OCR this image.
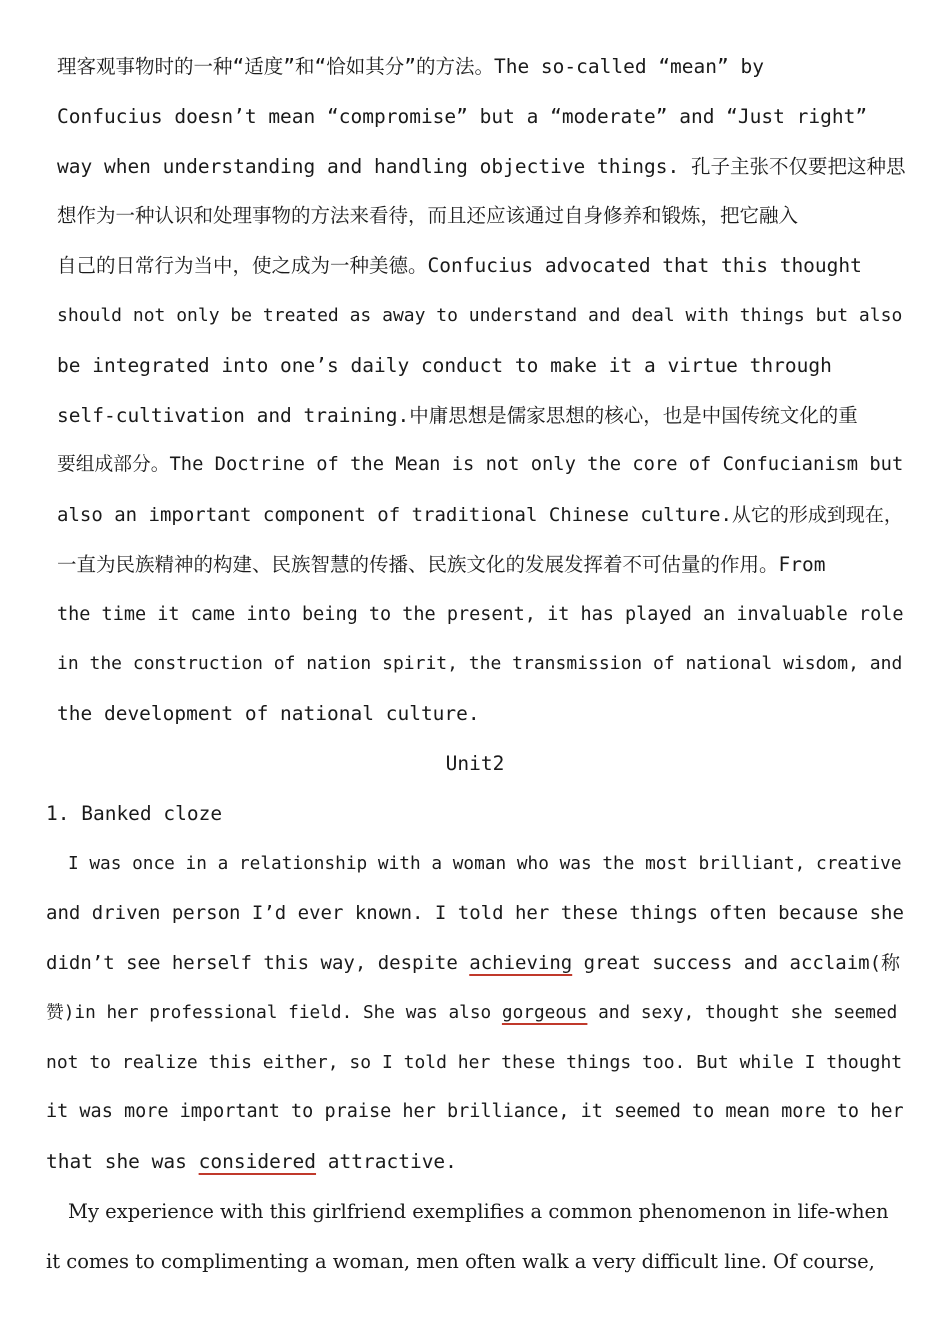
理客观事物时的一种“适度”和“恰如其分”的方法。The so-called “mean” by
Confucius doesn’t mean “compromise” but a “moderate” and “Just right”
way when understanding and handling objective things. 孔子主张不仅要把这种思
想作为一种认识和处理事物的方法来看待，而且还应该通过自身修养和锻炼，把它融入
自己的日常行为当中，使之成为一种美德。Confucius advocated that this thought
should not only be treated as away to understand and deal with things but also
be integrated into one’s daily conduct to make it a virtue through
self-cultivation and training.中庸思想是儒家思想的核心，也是中国传统文化的重
要组成部分。The Doctrine of the Mean is not only the core of Confucianism but
also an important component of traditional Chinese culture.从它的形成到现在，
一直为民族精神的构建、民族智慧的传播、民族文化的发展发挥着不可估量的作用。From
the time it came into being to the present, it has played an invaluable role
in the construction of nation spirit, the transmission of national wisdom, and
the development of national culture.
Unit2
1. Banked cloze
I was once in a relationship with a woman who was the most brilliant, creative
and driven person I’d ever known. I told her these things often because she
didn’t see herself this way, despite achieving great success and acclaim(称
赞)in her professional field. She was also gorgeous and sexy, thought she seemed
not to realize this either, so I told her these things too. But while I thought
it was more important to praise her brilliance, it seemed to mean more to her
that she was considered attractive.
My experience with this girlfriend exemplifies a common phenomenon in life-when
it comes to complimenting a woman, men often walk a very difficult line. Of course,
